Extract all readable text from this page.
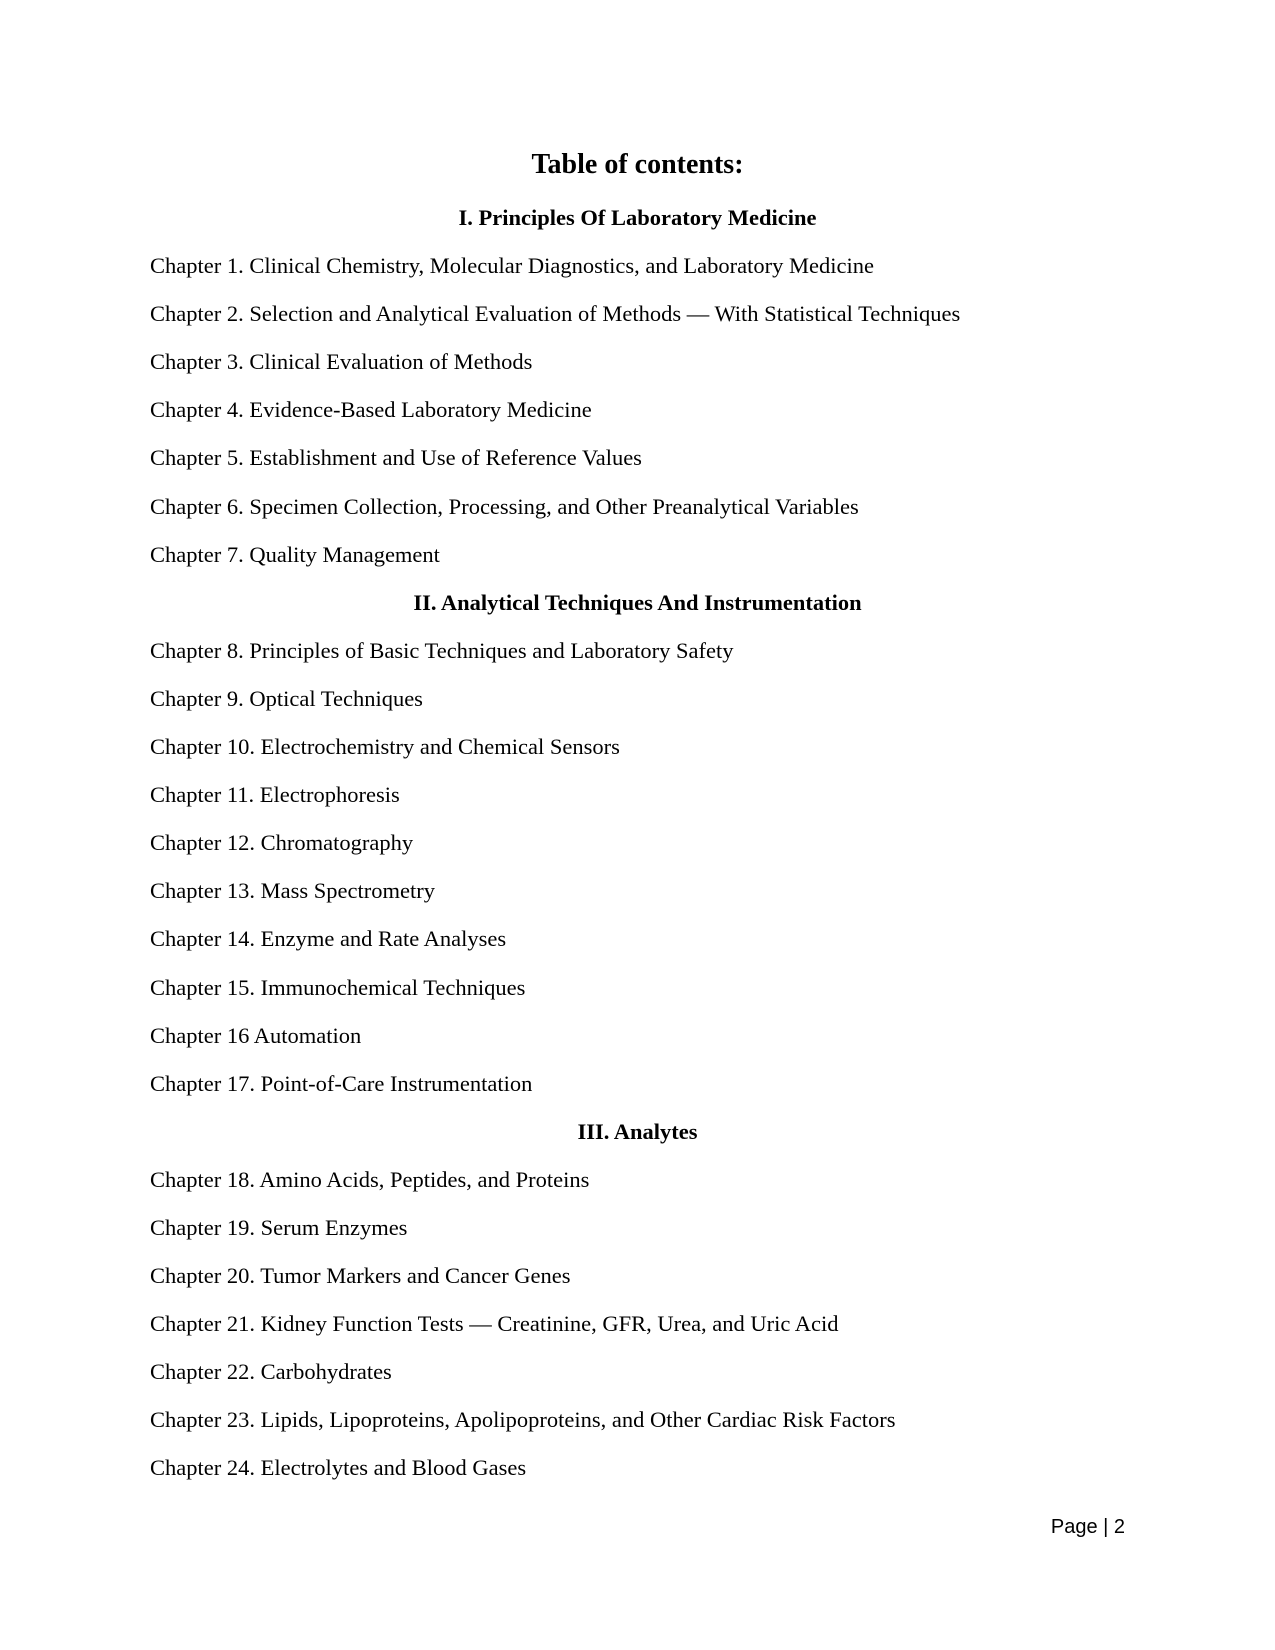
Table of contents:
I. Principles Of Laboratory Medicine
Chapter 1. Clinical Chemistry, Molecular Diagnostics, and Laboratory Medicine
Chapter 2. Selection and Analytical Evaluation of Methods — With Statistical Techniques
Chapter 3. Clinical Evaluation of Methods
Chapter 4. Evidence-Based Laboratory Medicine
Chapter 5. Establishment and Use of Reference Values
Chapter 6. Specimen Collection, Processing, and Other Preanalytical Variables
Chapter 7. Quality Management
II. Analytical Techniques And Instrumentation
Chapter 8. Principles of Basic Techniques and Laboratory Safety
Chapter 9. Optical Techniques
Chapter 10. Electrochemistry and Chemical Sensors
Chapter 11. Electrophoresis
Chapter 12. Chromatography
Chapter 13. Mass Spectrometry
Chapter 14. Enzyme and Rate Analyses
Chapter 15. Immunochemical Techniques
Chapter 16 Automation
Chapter 17. Point-of-Care Instrumentation
III. Analytes
Chapter 18. Amino Acids, Peptides, and Proteins
Chapter 19. Serum Enzymes
Chapter 20. Tumor Markers and Cancer Genes
Chapter 21. Kidney Function Tests — Creatinine, GFR, Urea, and Uric Acid
Chapter 22. Carbohydrates
Chapter 23. Lipids, Lipoproteins, Apolipoproteins, and Other Cardiac Risk Factors
Chapter 24. Electrolytes and Blood Gases
Page | 2
